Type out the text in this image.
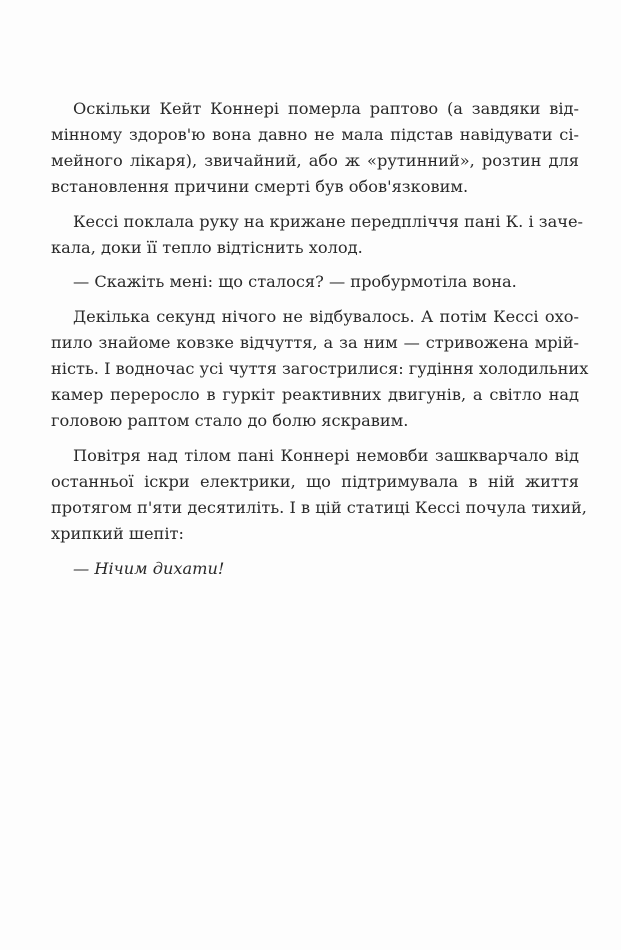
Оскільки Кейт Коннері померла раптово (а завдяки від-
мінному здоров'ю вона давно не мала підстав навідувати сі-
мейного лікаря), звичайний, або ж «рутинний», розтин для
встановлення причини смерті був обов'язковим.
Кессі поклала руку на крижане передпліччя пані К. і заче-
кала, доки її тепло відтіснить холод.
— Скажіть мені: що сталося? — пробурмотіла вона.
Декілька секунд нічого не відбувалось. А потім Кессі охо-
пило знайоме ковзке відчуття, а за ним — стривожена мрій-
ність. І водночас усі чуття загострилися: гудіння холодильних
камер переросло в гуркіт реактивних двигунів, а світло над
головою раптом стало до болю яскравим.
Повітря над тілом пані Коннері немовби зашкварчало від
останньої іскри електрики, що підтримувала в ній життя
протягом п'яти десятиліть. І в цій статиці Кессі почула тихий,
хрипкий шепіт:
— Нічим дихати!
